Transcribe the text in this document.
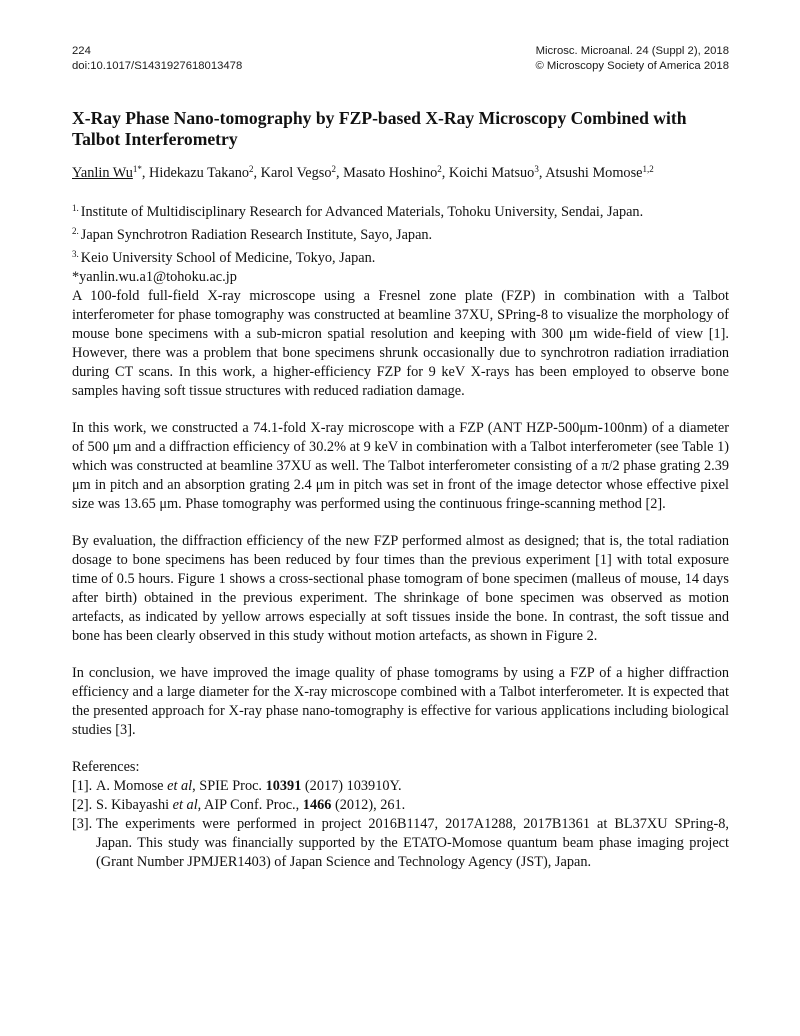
224
doi:10.1017/S1431927618013478
Microsc. Microanal. 24 (Suppl 2), 2018
© Microscopy Society of America 2018
X-Ray Phase Nano-tomography by FZP-based X-Ray Microscopy Combined with
Talbot Interferometry
Yanlin $Wu^{1*}$, Hidekazu Takano$^2$, Karol Vegso$^2$, Masato Hoshino$^2$, Koichi Matsuo$^3$, Atsushi Momose$^{1,2}$
$^{1.}$ Institute of Multidisciplinary Research for Advanced Materials, Tohoku University, Sendai, Japan.
$^{2.}$ Japan Synchrotron Radiation Research Institute, Sayo, Japan.
$^{3.}$ Keio University School of Medicine, Tokyo, Japan.
*yanlin.wu.a1@tohoku.ac.jp

A 100-fold full-field X-ray microscope using a Fresnel zone plate (FZP) in combination with a Talbot interferometer for phase tomography was constructed at beamline 37XU, SPring-8 to visualize the morphology of mouse bone specimens with a sub-micron spatial resolution and keeping with 300 μm wide-field of view [1]. However, there was a problem that bone specimens shrunk occasionally due to synchrotron radiation irradiation during CT scans. In this work, a higher-efficiency FZP for 9 keV X-rays has been employed to observe bone samples having soft tissue structures with reduced radiation damage.

In this work, we constructed a 74.1-fold X-ray microscope with a FZP (ANT HZP-500μm-100nm) of a diameter of 500 μm and a diffraction efficiency of 30.2% at 9 keV in combination with a Talbot interferometer (see Table 1) which was constructed at beamline 37XU as well. The Talbot interferometer consisting of a π/2 phase grating 2.39 μm in pitch and an absorption grating 2.4 μm in pitch was set in front of the image detector whose effective pixel size was 13.65 μm. Phase tomography was performed using the continuous fringe-scanning method [2].

By evaluation, the diffraction efficiency of the new FZP performed almost as designed; that is, the total radiation dosage to bone specimens has been reduced by four times than the previous experiment [1] with total exposure time of 0.5 hours. Figure 1 shows a cross-sectional phase tomogram of bone specimen (malleus of mouse, 14 days after birth) obtained in the previous experiment. The shrinkage of bone specimen was observed as motion artefacts, as indicated by yellow arrows especially at soft tissues inside the bone. In contrast, the soft tissue and bone has been clearly observed in this study without motion artefacts, as shown in Figure 2.

In conclusion, we have improved the image quality of phase tomograms by using a FZP of a higher diffraction efficiency and a large diameter for the X-ray microscope combined with a Talbot interferometer. It is expected that the presented approach for X-ray phase nano-tomography is effective for various applications including biological studies [3].

References:
[1]. A. Momose et al, SPIE Proc. 10391 (2017) 103910Y.
[2]. S. Kibayashi et al, AIP Conf. Proc., 1466 (2012), 261.
[3]. The experiments were performed in project 2016B1147, 2017A1288, 2017B1361 at BL37XU SPring-8, Japan. This study was financially supported by the ETATO-Momose quantum beam phase imaging project (Grant Number JPMJER1403) of Japan Science and Technology Agency (JST), Japan.
